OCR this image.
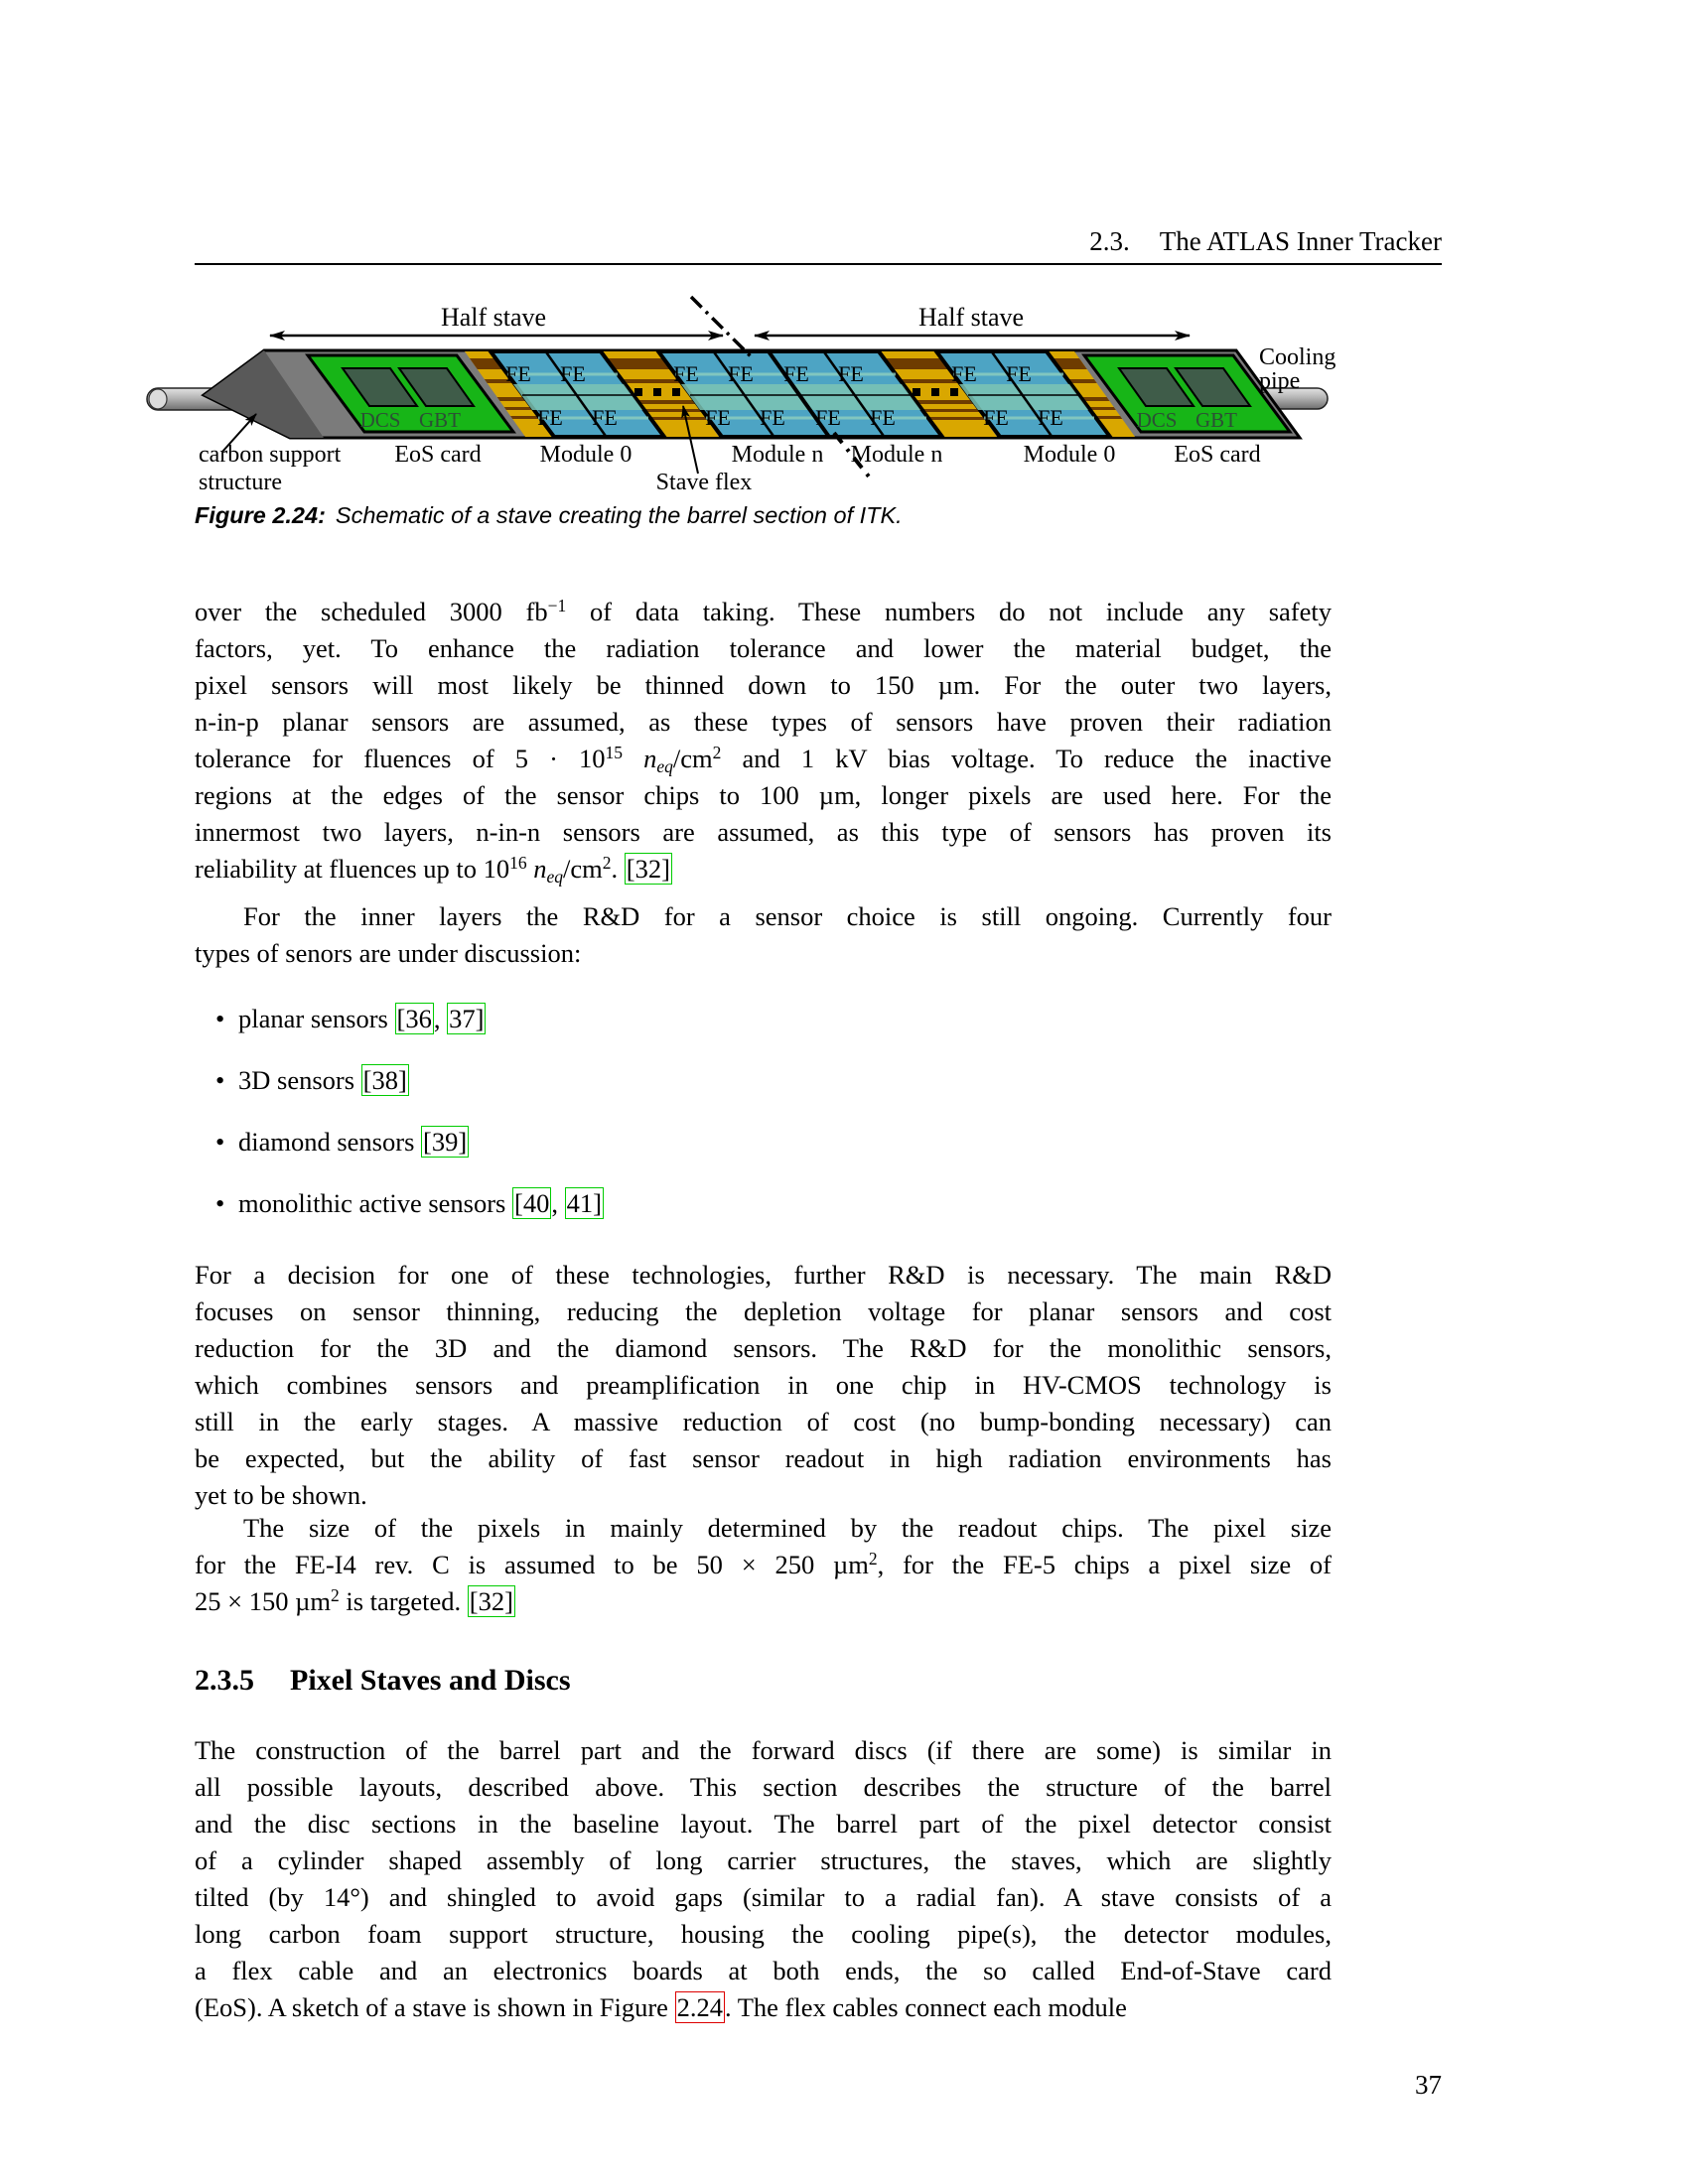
2.3. The ATLAS Inner Tracker
FE FE
FE FE
FE FE FE FE
FE FE FE FE
FE FE
FE FE
DCS GBT	DCS GBT
Half stave	Half stave
carbon support
structure
EoS card Module 0
Stave flex
Module n Module n	Module 0 EoS card
Cooling
pipe
Figure 2.24: Schematic of a stave creating the barrel section of ITK.
over the scheduled 3000 $fb^{-1}$ of data taking. These numbers do not include any safety
factors, yet. To enhance the radiation tolerance and lower the material budget, the
pixel sensors will most likely be thinned down to 150 µm. For the outer two layers,
n-in-p planar sensors are assumed, as these types of sensors have proven their radiation
tolerance for fluences of $5 \cdot 10^{15}$ neq/$cm^2$ and 1 kV bias voltage. To reduce the inactive
regions at the edges of the sensor chips to 100 µm, longer pixels are used here. For the
innermost two layers, n-in-n sensors are assumed, as this type of sensors has proven its
reliability at fluences up to $10^{16}$ neq/$cm^2$. [32]
For the inner layers the R&D for a sensor choice is still ongoing. Currently four
types of senors are under discussion:
• planar sensors [36, 37]
• 3D sensors [38]
• diamond sensors [39]
• monolithic active sensors [40, 41]
For a decision for one of these technologies, further R&D is necessary. The main R&D
focuses on sensor thinning, reducing the depletion voltage for planar sensors and cost
reduction for the 3D and the diamond sensors. The R&D for the monolithic sensors,
which combines sensors and preamplification in one chip in HV-CMOS technology is
still in the early stages. A massive reduction of cost (no bump-bonding necessary) can
be expected, but the ability of fast sensor readout in high radiation environments has
yet to be shown.
The size of the pixels in mainly determined by the readout chips. The pixel size
for the FE-I4 rev. C is assumed to be 50 × 250 µm$^2$, for the FE-5 chips a pixel size of
25 × 150 µm$^2$ is targeted. [32]
2.3.5 Pixel Staves and Discs
The construction of the barrel part and the forward discs (if there are some) is similar in
all possible layouts, described above. This section describes the structure of the barrel
and the disc sections in the baseline layout. The barrel part of the pixel detector consist
of a cylinder shaped assembly of long carrier structures, the staves, which are slightly
tilted (by 14°) and shingled to avoid gaps (similar to a radial fan). A stave consists of a
long carbon foam support structure, housing the cooling pipe(s), the detector modules,
a flex cable and an electronics boards at both ends, the so called End-of-Stave card
(EoS). A sketch of a stave is shown in Figure 2.24. The flex cables connect each module
37
